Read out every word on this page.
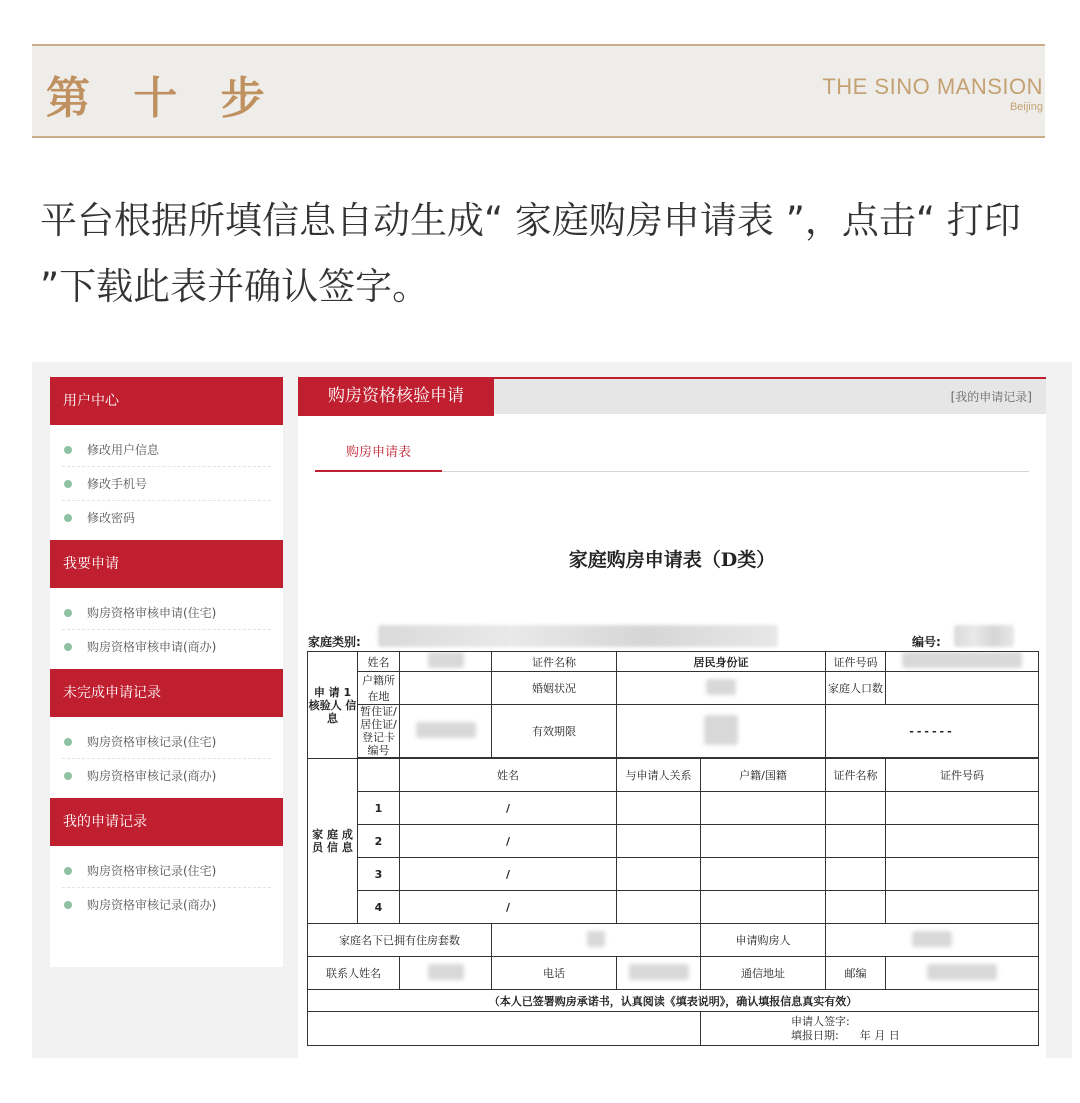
第 十 步	THE SINO MANSION
Beijing
平台根据所填信息自动生成“ 家庭购房申请表 ”，点击“ 打印 ”下载此表并确认签字。
用户中心
修改用户信息
修改手机号
修改密码
我要申请
购房资格审核申请(住宅)
购房资格审核申请(商办)
未完成申请记录
购房资格审核记录(住宅)
购房资格审核记录(商办)
我的申请记录
购房资格审核记录(住宅)
购房资格审核记录(商办)
购房资格核验申请	[我的申请记录]
购房申请表
家庭购房申请表（D类）
家庭类别:	编号:
申 请 1 核验人 信 息	姓名		证件名称	居民身份证		证件号码	
	户籍所在地		婚姻状况			家庭人口数	
	暂住证/居住证/登记卡编号		有效期限			------	

家 庭 成 员 信 息		姓名		与申请人关系	户籍/国籍	证件名称	证件号码
	1	/					
	2	/					
	3	/					
	4	/					
家庭名下已拥有住房套数					申请购房人		
联系人姓名			电话		通信地址	邮编	
（本人已签署购房承诺书，认真阅读《填表说明》，确认填报信息真实有效）							

					申请人签字:
填报日期: 年 月 日		
